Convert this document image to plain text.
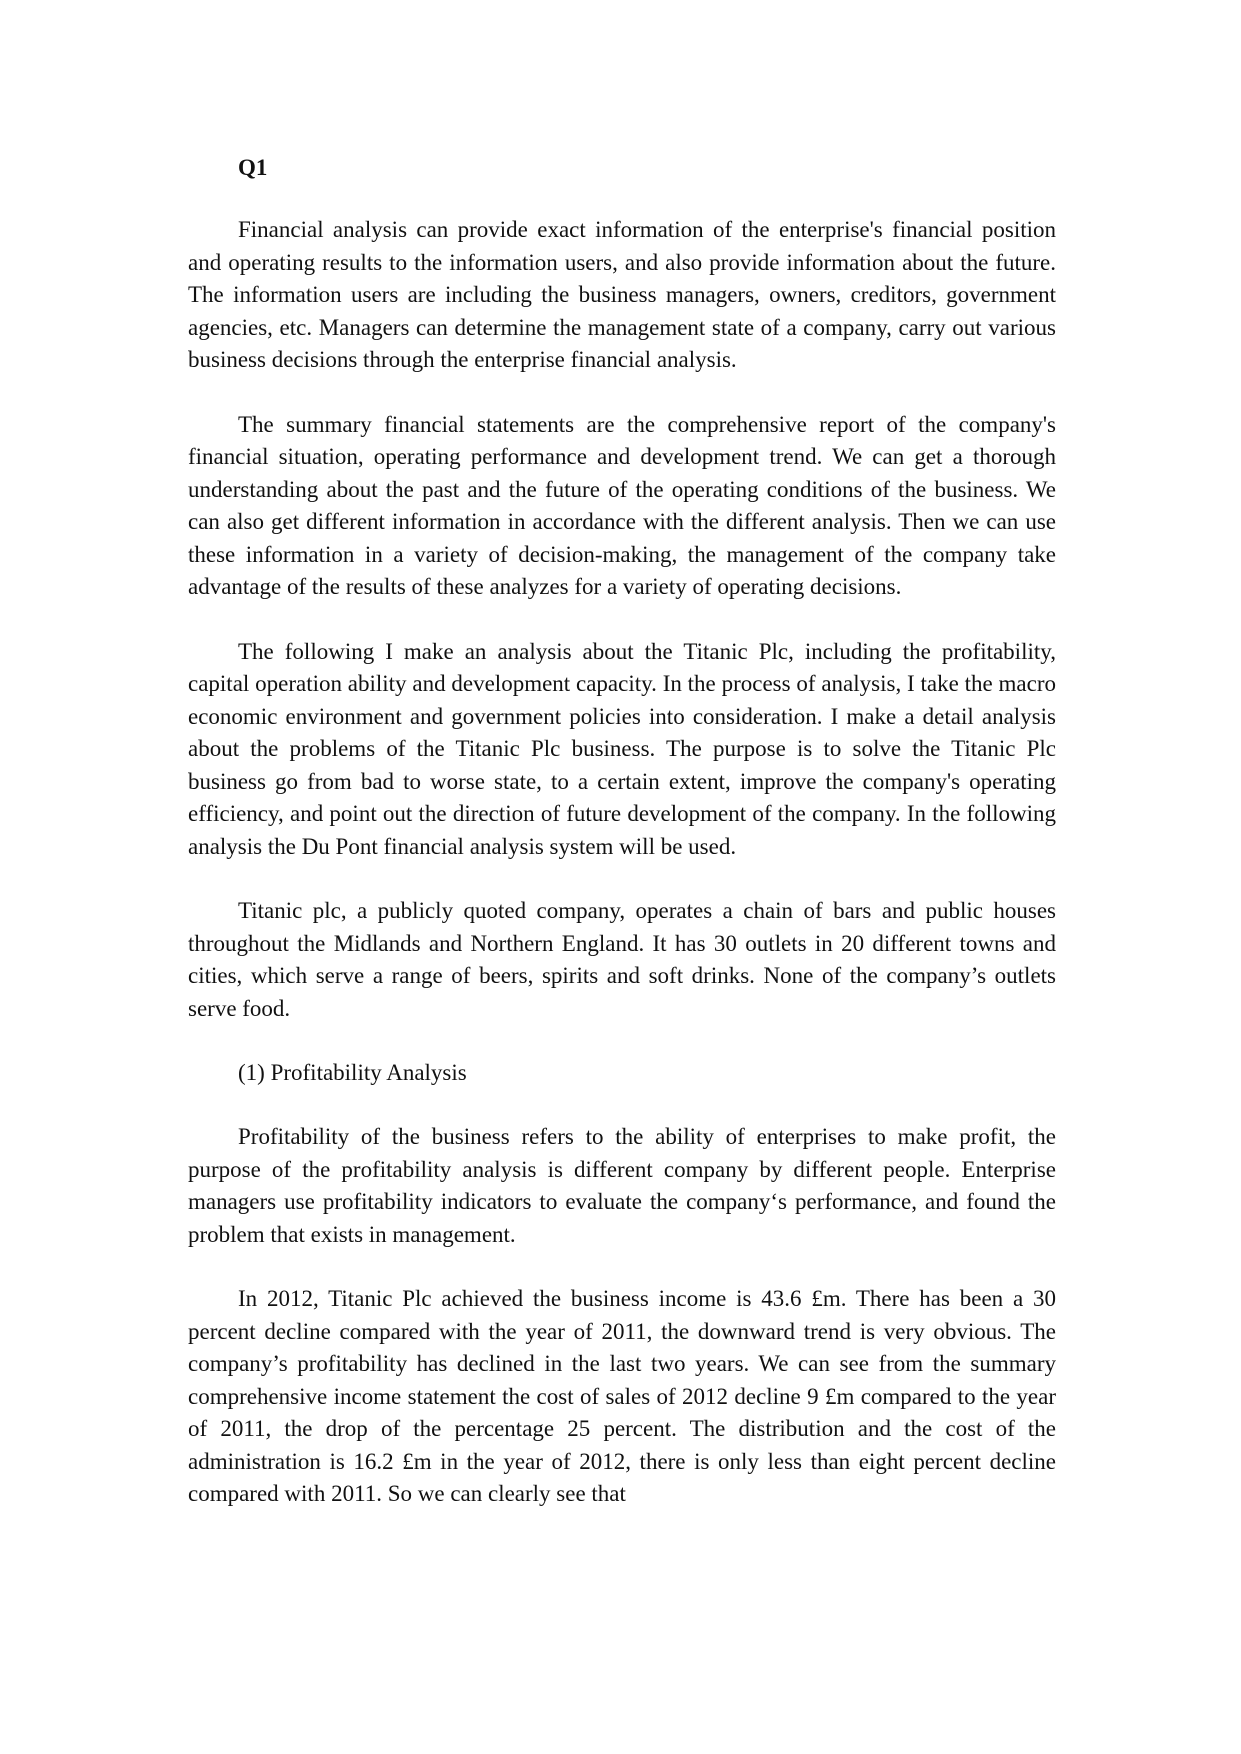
Q1

Financial analysis can provide exact information of the enterprise's financial position and operating results to the information users, and also provide information about the future. The information users are including the business managers, owners, creditors, government agencies, etc. Managers can determine the management state of a company, carry out various business decisions through the enterprise financial analysis.

The summary financial statements are the comprehensive report of the company's financial situation, operating performance and development trend. We can get a thorough understanding about the past and the future of the operating conditions of the business. We can also get different information in accordance with the different analysis. Then we can use these information in a variety of decision-making, the management of the company take advantage of the results of these analyzes for a variety of operating decisions.

The following I make an analysis about the Titanic Plc, including the profitability, capital operation ability and development capacity. In the process of analysis, I take the macro economic environment and government policies into consideration. I make a detail analysis about the problems of the Titanic Plc business. The purpose is to solve the Titanic Plc business go from bad to worse state, to a certain extent, improve the company's operating efficiency, and point out the direction of future development of the company. In the following analysis the Du Pont financial analysis system will be used.

Titanic plc, a publicly quoted company, operates a chain of bars and public houses throughout the Midlands and Northern England. It has 30 outlets in 20 different towns and cities, which serve a range of beers, spirits and soft drinks. None of the company’s outlets serve food.

(1) Profitability Analysis

Profitability of the business refers to the ability of enterprises to make profit, the purpose of the profitability analysis is different company by different people. Enterprise managers use profitability indicators to evaluate the company‘s performance, and found the problem that exists in management.

In 2012, Titanic Plc achieved the business income is 43.6 £m. There has been a 30 percent decline compared with the year of 2011, the downward trend is very obvious. The company’s profitability has declined in the last two years. We can see from the summary comprehensive income statement the cost of sales of 2012 decline 9 £m compared to the year of 2011, the drop of the percentage 25 percent. The distribution and the cost of the administration is 16.2 £m in the year of 2012, there is only less than eight percent decline compared with 2011. So we can clearly see that
